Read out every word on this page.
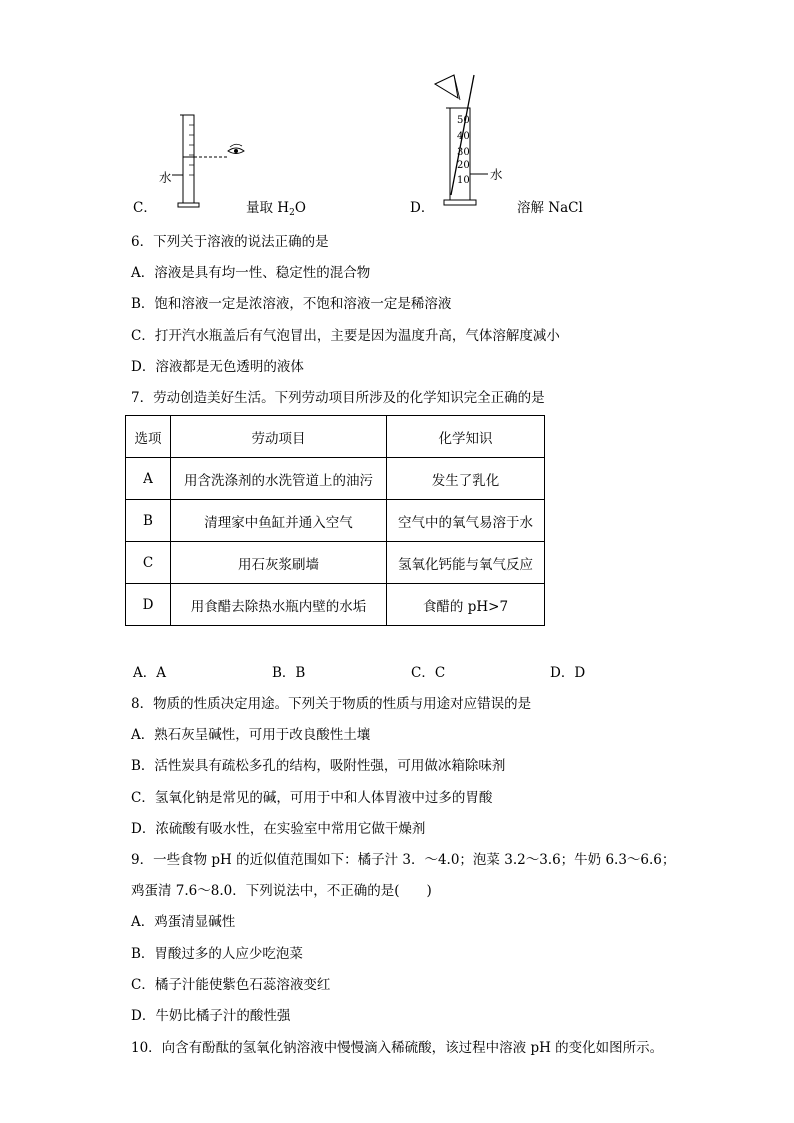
水
C．	量取 $H_2O$
50
40
30
20
10 水
D．	溶解 NaCl
6．下列关于溶液的说法正确的是
A．溶液是具有均一性、稳定性的混合物
B．饱和溶液一定是浓溶液，不饱和溶液一定是稀溶液
C．打开汽水瓶盖后有气泡冒出，主要是因为温度升高，气体溶解度减小
D．溶液都是无色透明的液体
7．劳动创造美好生活。下列劳动项目所涉及的化学知识完全正确的是
选项	劳动项目	化学知识
A	用含洗涤剂的水洗管道上的油污	发生了乳化
B	清理家中鱼缸并通入空气	空气中的氧气易溶于水
C	用石灰浆刷墙	氢氧化钙能与氧气反应
D	用食醋去除热水瓶内壁的水垢	食醋的 pH>7
A．A	B．B	C．C	D．D
8．物质的性质决定用途。下列关于物质的性质与用途对应错误的是
A．熟石灰呈碱性，可用于改良酸性土壤
B．活性炭具有疏松多孔的结构，吸附性强，可用做冰箱除味剂
C．氢氧化钠是常见的碱，可用于中和人体胃液中过多的胃酸
D．浓硫酸有吸水性，在实验室中常用它做干燥剂
9．一些食物 pH 的近似值范围如下：橘子汁 3．～4.0；泡菜 3.2～3.6；牛奶 6.3～6.6；
鸡蛋清 7.6～8.0．下列说法中，不正确的是(　　)
A．鸡蛋清显碱性
B．胃酸过多的人应少吃泡菜
C．橘子汁能使紫色石蕊溶液变红
D．牛奶比橘子汁的酸性强
10．向含有酚酞的氢氧化钠溶液中慢慢滴入稀硫酸，该过程中溶液 pH 的变化如图所示。
